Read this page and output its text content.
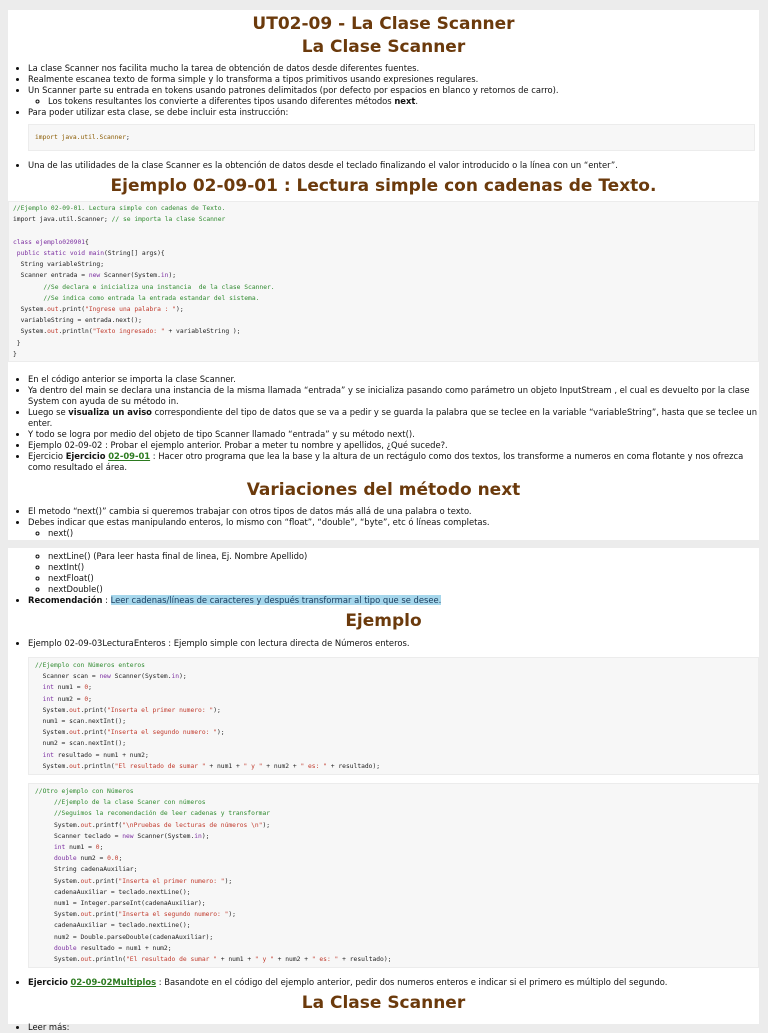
UT02-09 - La Clase Scanner
La Clase Scanner
• La clase Scanner nos facilita mucho la tarea de obtención de datos desde diferentes fuentes.
• Realmente escanea texto de forma simple y lo transforma a tipos primitivos usando expresiones regulares.
• Un Scanner parte su entrada en tokens usando patrones delimitados (por defecto por espacios en blanco y retornos de carro).
◦ Los tokens resultantes los convierte a diferentes tipos usando diferentes métodos next.
• Para poder utilizar esta clase, se debe incluir esta instrucción:
import java.util.Scanner;
• Una de las utilidades de la clase Scanner es la obtención de datos desde el teclado finalizando el valor introducido o la línea con un “enter”.
Ejemplo 02-09-01 : Lectura simple con cadenas de Texto.
//Ejemplo 02-09-01. Lectura simple con cadenas de Texto.
import java.util.Scanner; // se importa la clase Scanner

class ejemplo020901{
public static void main(String[] args){
String variableString;
Scanner entrada = new Scanner(System.in);
//Se declara e inicializa una instancia  de la clase Scanner.
//Se indica como entrada la entrada estandar del sistema.
System.out.print("Ingrese una palabra : ");
variableString = entrada.next();
System.out.println("Texto ingresado: " + variableString );
}
}
• En el código anterior se importa la clase Scanner.
• Ya dentro del main se declara una instancia de la misma llamada “entrada” y se inicializa pasando como parámetro un objeto InputStream , el cual es devuelto por la clase System con ayuda de su método in.
• Luego se visualiza un aviso correspondiente del tipo de datos que se va a pedir y se guarda la palabra que se teclee en la variable “variableString”, hasta que se teclee un enter.
• Y todo se logra por medio del objeto de tipo Scanner llamado “entrada” y su método next().
• Ejemplo 02-09-02 : Probar el ejemplo anterior. Probar a meter tu nombre y apellidos, ¿Qué sucede?.
• Ejercicio Ejercicio 02-09-01 : Hacer otro programa que lea la base y la altura de un rectágulo como dos textos, los transforme a numeros en coma flotante y nos ofrezca como resultado el área.
Variaciones del método next
• El metodo “next()” cambia si queremos trabajar con otros tipos de datos más allá de una palabra o texto.
• Debes indicar que estas manipulando enteros, lo mismo con “float”, “double”, “byte”, etc ó líneas completas.
◦ next()
◦ nextLine() (Para leer hasta final de linea, Ej. Nombre Apellido)
◦ nextInt()
◦ nextFloat()
◦ nextDouble()
• Recomendación : Leer cadenas/líneas de caracteres y después transformar al tipo que se desee.
Ejemplo
• Ejemplo 02-09-03LecturaEnteros : Ejemplo simple con lectura directa de Números enteros.
//Ejemplo con Números enteros
Scanner scan = new Scanner(System.in);
int num1 = 0;
int num2 = 0;
System.out.print("Inserta el primer numero: ");
num1 = scan.nextInt();
System.out.print("Inserta el segundo numero: ");
num2 = scan.nextInt();
int resultado = num1 + num2;
System.out.println("El resultado de sumar " + num1 + " y " + num2 + " es: " + resultado);
//Otro ejemplo con Números
//Ejemplo de la clase Scaner con números
//Seguimos la recomendación de leer cadenas y transformar
System.out.printf("\nPruebas de lecturas de números \n");
Scanner teclado = new Scanner(System.in);
int num1 = 0;
double num2 = 0.0;
String cadenaAuxiliar;
System.out.print("Inserta el primer numero: ");
cadenaAuxiliar = teclado.nextLine();
num1 = Integer.parseInt(cadenaAuxiliar);
System.out.print("Inserta el segundo numero: ");
cadenaAuxiliar = teclado.nextLine();
num2 = Double.parseDouble(cadenaAuxiliar);
double resultado = num1 + num2;
System.out.println("El resultado de sumar " + num1 + " y " + num2 + " es: " + resultado);
• Ejercicio 02-09-02Multiplos : Basandote en el código del ejemplo anterior, pedir dos numeros enteros e indicar si el primero es múltiplo del segundo.
La Clase Scanner
• Leer más:
